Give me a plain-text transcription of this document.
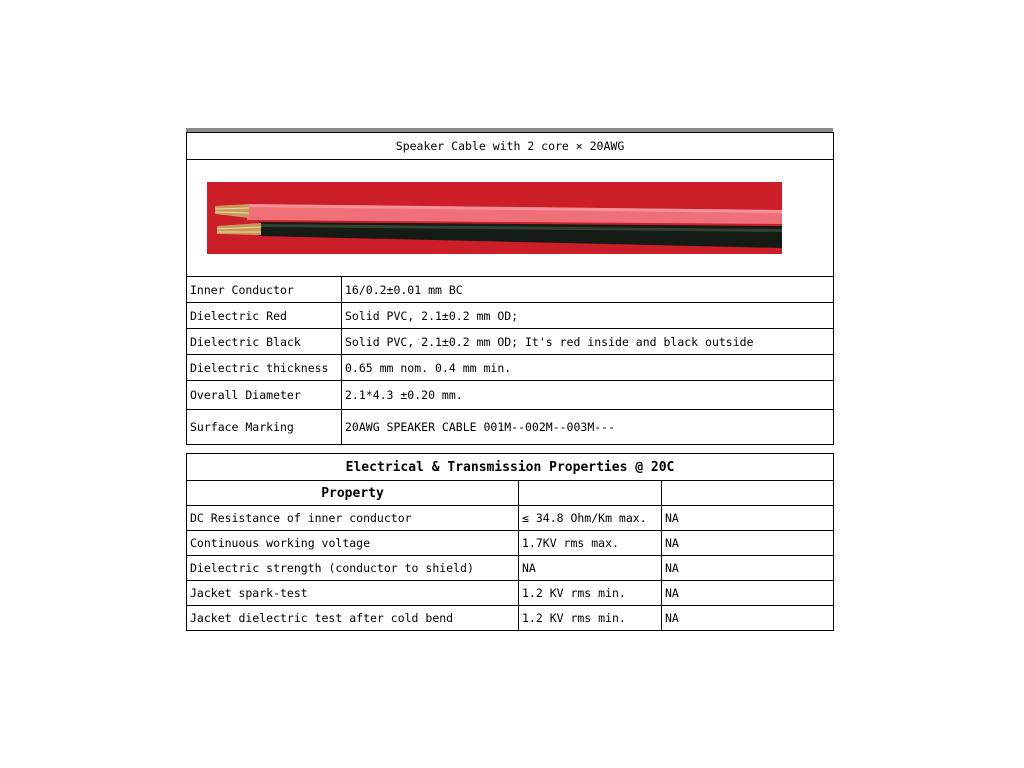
Speaker Cable with 2 core × 20AWG	

Inner Conductor	16/0.2±0.01 mm BC
Dielectric Red	Solid PVC, 2.1±0.2 mm OD;
Dielectric Black	Solid PVC, 2.1±0.2 mm OD; It's red inside and black outside
Dielectric thickness	0.65 mm nom. 0.4 mm min.
Overall Diameter	2.1*4.3 ±0.20 mm.
Surface Marking	20AWG SPEAKER CABLE 001M--002M--003M---
Electrical & Transmission Properties @ 20C		
Property		
DC Resistance of inner conductor	≤ 34.8 Ohm/Km max.	NA
Continuous working voltage	1.7KV rms max.	NA
Dielectric strength (conductor to shield)	NA	NA
Jacket spark-test	1.2 KV rms min.	NA
Jacket dielectric test after cold bend	1.2 KV rms min.	NA
